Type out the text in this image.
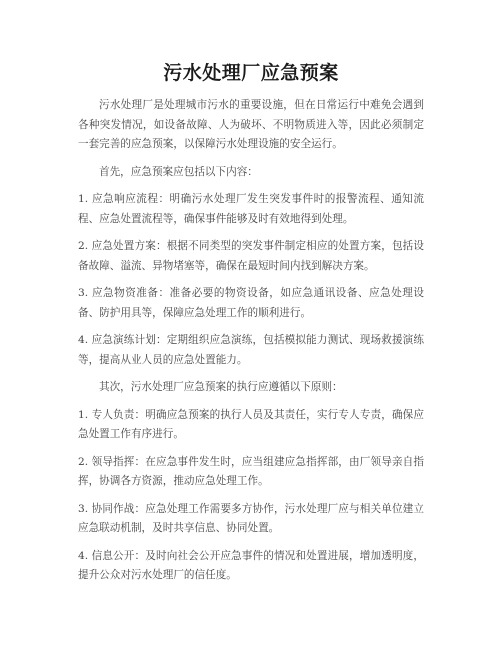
污水处理厂应急预案

污水处理厂是处理城市污水的重要设施，但在日常运行中难免会遇到各种突发情况，如设备故障、人为破坏、不明物质进入等，因此必须制定一套完善的应急预案，以保障污水处理设施的安全运行。

首先，应急预案应包括以下内容：

1. 应急响应流程：明确污水处理厂发生突发事件时的报警流程、通知流程、应急处置流程等，确保事件能够及时有效地得到处理。

2. 应急处置方案：根据不同类型的突发事件制定相应的处置方案，包括设备故障、溢流、异物堵塞等，确保在最短时间内找到解决方案。

3. 应急物资准备：准备必要的物资设备，如应急通讯设备、应急处理设备、防护用具等，保障应急处理工作的顺利进行。

4. 应急演练计划：定期组织应急演练，包括模拟能力测试、现场救援演练等，提高从业人员的应急处置能力。

其次，污水处理厂应急预案的执行应遵循以下原则：

1. 专人负责：明确应急预案的执行人员及其责任，实行专人专责，确保应急处置工作有序进行。

2. 领导指挥：在应急事件发生时，应当组建应急指挥部，由厂领导亲自指挥，协调各方资源，推动应急处理工作。

3. 协同作战：应急处理工作需要多方协作，污水处理厂应与相关单位建立应急联动机制，及时共享信息、协同处置。

4. 信息公开：及时向社会公开应急事件的情况和处置进展，增加透明度，提升公众对污水处理厂的信任度。
